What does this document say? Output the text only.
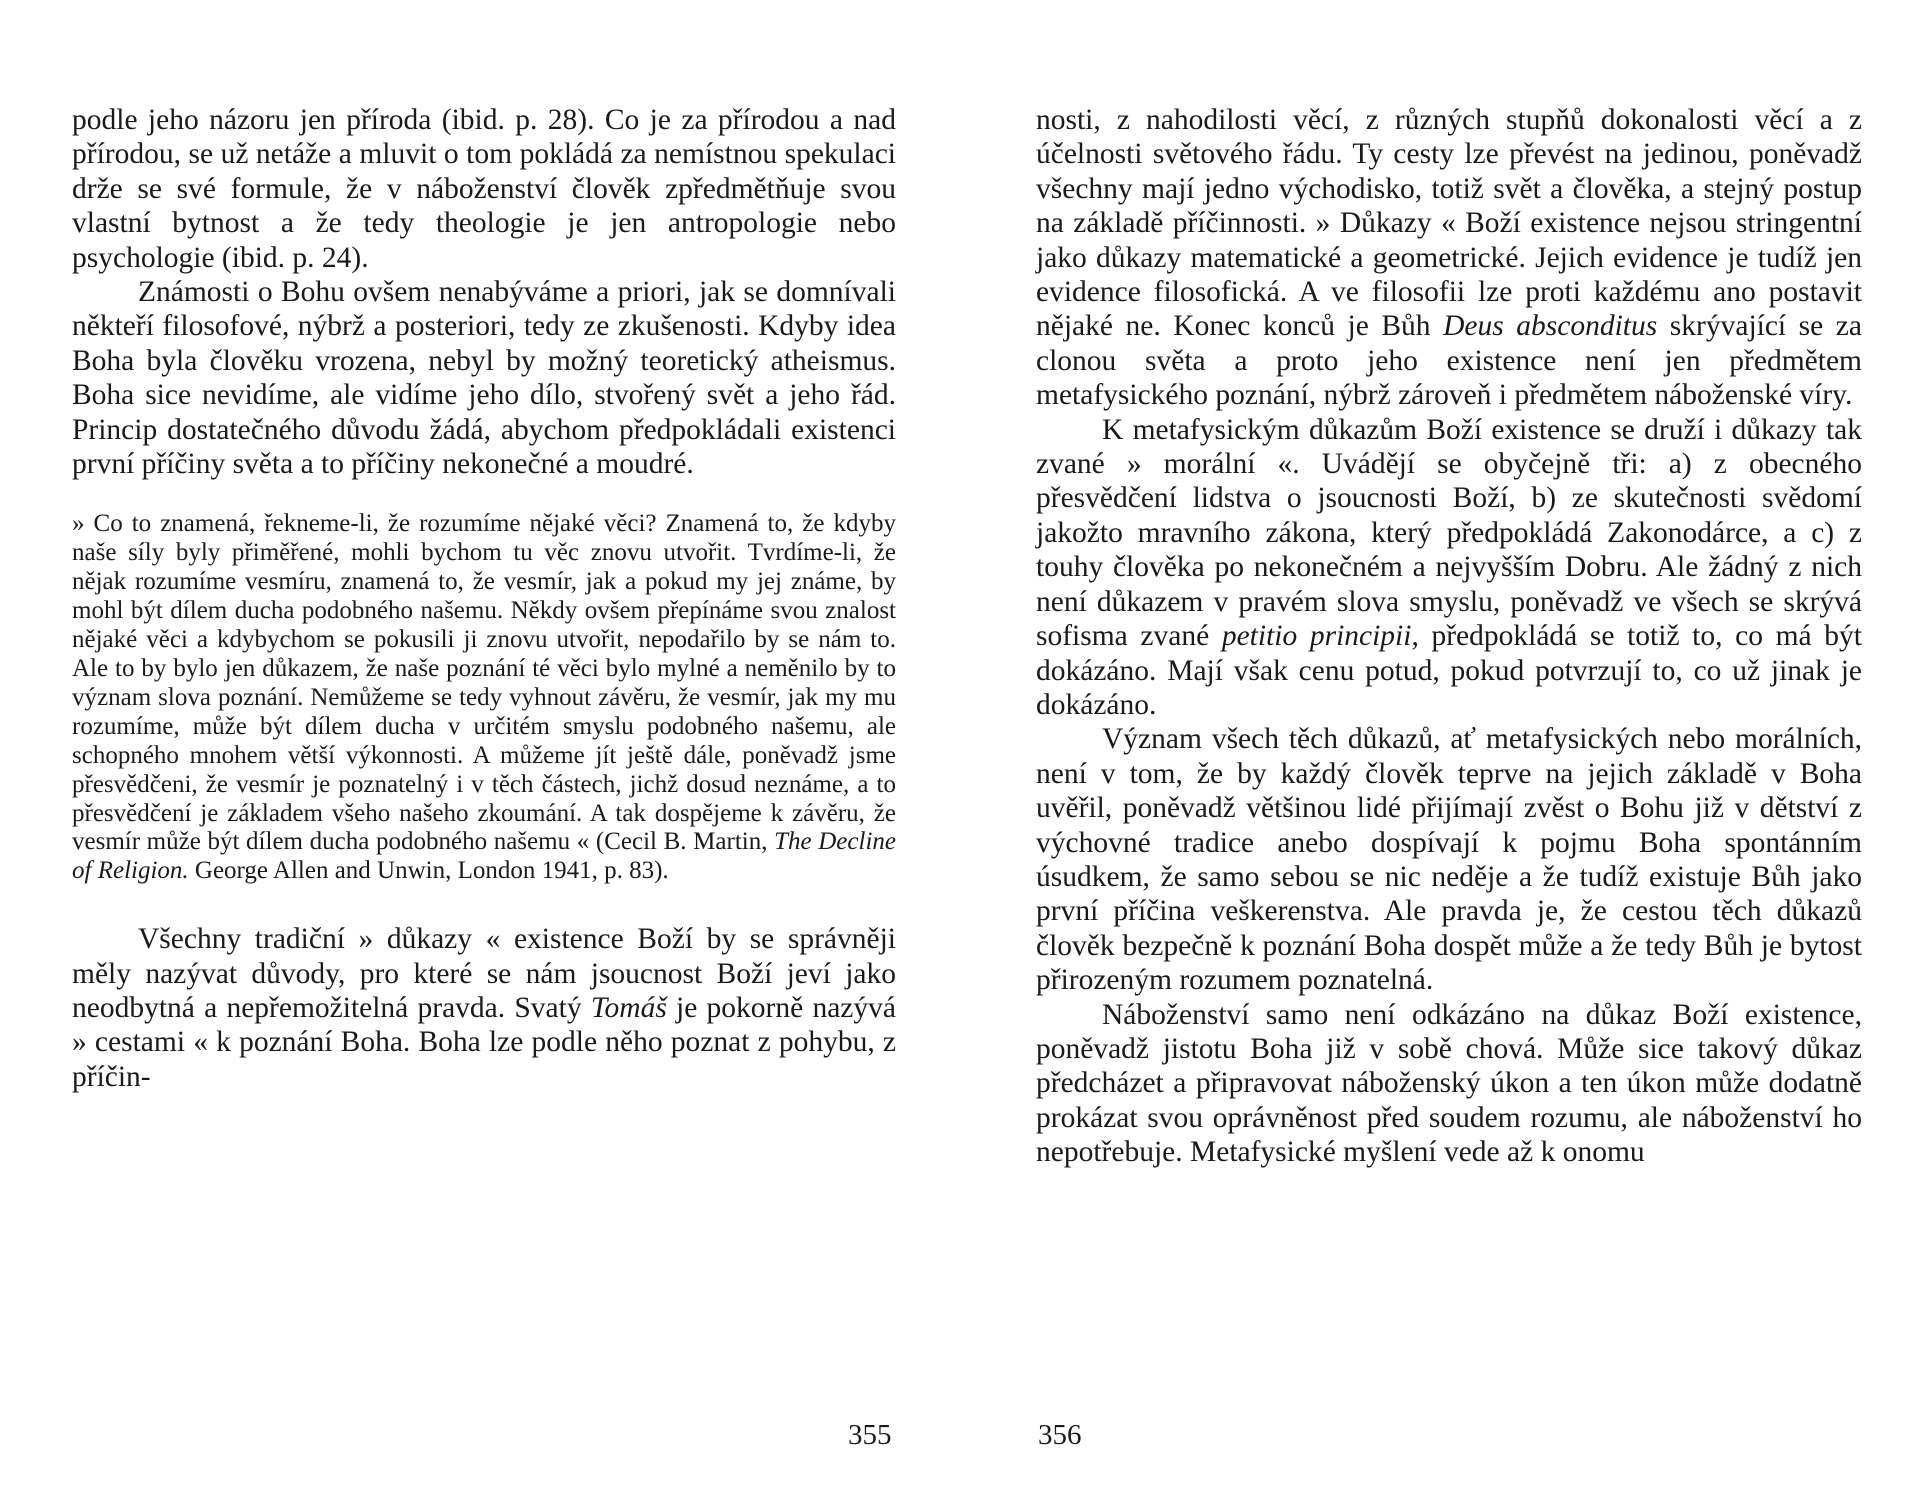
podle jeho názoru jen příroda (ibid. p. 28). Co je za přírodou a nad přírodou, se už netáže a mluvit o tom pokládá za nemístnou spekulaci drže se své formule, že v náboženství člověk zpředmětňuje svou vlastní bytnost a že tedy theologie je jen antropologie nebo psychologie (ibid. p. 24).

Známosti o Bohu ovšem nenabýváme a priori, jak se domnívali někteří filosofové, nýbrž a posteriori, tedy ze zkušenosti. Kdyby idea Boha byla člověku vrozena, nebyl by možný teoretický atheismus. Boha sice nevidíme, ale vidíme jeho dílo, stvořený svět a jeho řád. Princip dostatečného důvodu žádá, abychom předpokládali existenci první příčiny světa a to příčiny nekonečné a moudré.

» Co to znamená, řekneme-li, že rozumíme nějaké věci? Znamená to, že kdyby naše síly byly přiměřené, mohli bychom tu věc znovu utvořit. Tvrdíme-li, že nějak rozumíme vesmíru, znamená to, že vesmír, jak a pokud my jej známe, by mohl být dílem ducha podobného našemu. Někdy ovšem přepínáme svou znalost nějaké věci a kdybychom se pokusili ji znovu utvořit, nepodařilo by se nám to. Ale to by bylo jen důkazem, že naše poznání té věci bylo mylné a neměnilo by to význam slova poznání. Nemůžeme se tedy vyhnout závěru, že vesmír, jak my mu rozumíme, může být dílem ducha v určitém smyslu podobného našemu, ale schopného mnohem větší výkonnosti. A můžeme jít ještě dále, poněvadž jsme přesvědčeni, že vesmír je poznatelný i v těch částech, jichž dosud neznáme, a to přesvědčení je základem všeho našeho zkoumání. A tak dospějeme k závěru, že vesmír může být dílem ducha podobného našemu « (Cecil B. Martin, The Decline of Religion. George Allen and Unwin, London 1941, p. 83).

Všechny tradiční » důkazy « existence Boží by se správněji měly nazývat důvody, pro které se nám jsoucnost Boží jeví jako neodbytná a nepřemožitelná pravda. Svatý Tomáš je pokorně nazývá » cestami « k poznání Boha. Boha lze podle něho poznat z pohybu, z příčin-

355

nosti, z nahodilosti věcí, z různých stupňů dokonalosti věcí a z účelnosti světového řádu. Ty cesty lze převést na jedinou, poněvadž všechny mají jedno východisko, totiž svět a člověka, a stejný postup na základě příčinnosti. » Důkazy « Boží existence nejsou stringentní jako důkazy matematické a geometrické. Jejich evidence je tudíž jen evidence filosofická. A ve filosofii lze proti každému ano postavit nějaké ne. Konec konců je Bůh Deus absconditus skrývající se za clonou světa a proto jeho existence není jen předmětem metafysického poznání, nýbrž zároveň i předmětem náboženské víry.

K metafysickým důkazům Boží existence se druží i důkazy tak zvané » morální «. Uvádějí se obyčejně tři: a) z obecného přesvědčení lidstva o jsoucnosti Boží, b) ze skutečnosti svědomí jakožto mravního zákona, který předpokládá Zakonodárce, a c) z touhy člověka po nekonečném a nejvyšším Dobru. Ale žádný z nich není důkazem v pravém slova smyslu, poněvadž ve všech se skrývá sofisma zvané petitio principii, předpokládá se totiž to, co má být dokázáno. Mají však cenu potud, pokud potvrzují to, co už jinak je dokázáno.

Význam všech těch důkazů, ať metafysických nebo morálních, není v tom, že by každý člověk teprve na jejich základě v Boha uvěřil, poněvadž většinou lidé přijímají zvěst o Bohu již v dětství z výchovné tradice anebo dospívají k pojmu Boha spontánním úsudkem, že samo sebou se nic neděje a že tudíž existuje Bůh jako první příčina veškerenstva. Ale pravda je, že cestou těch důkazů člověk bezpečně k poznání Boha dospět může a že tedy Bůh je bytost přirozeným rozumem poznatelná.

Náboženství samo není odkázáno na důkaz Boží existence, poněvadž jistotu Boha již v sobě chová. Může sice takový důkaz předcházet a připravovat náboženský úkon a ten úkon může dodatně prokázat svou oprávněnost před soudem rozumu, ale náboženství ho nepotřebuje. Metafysické myšlení vede až k onomu

356
